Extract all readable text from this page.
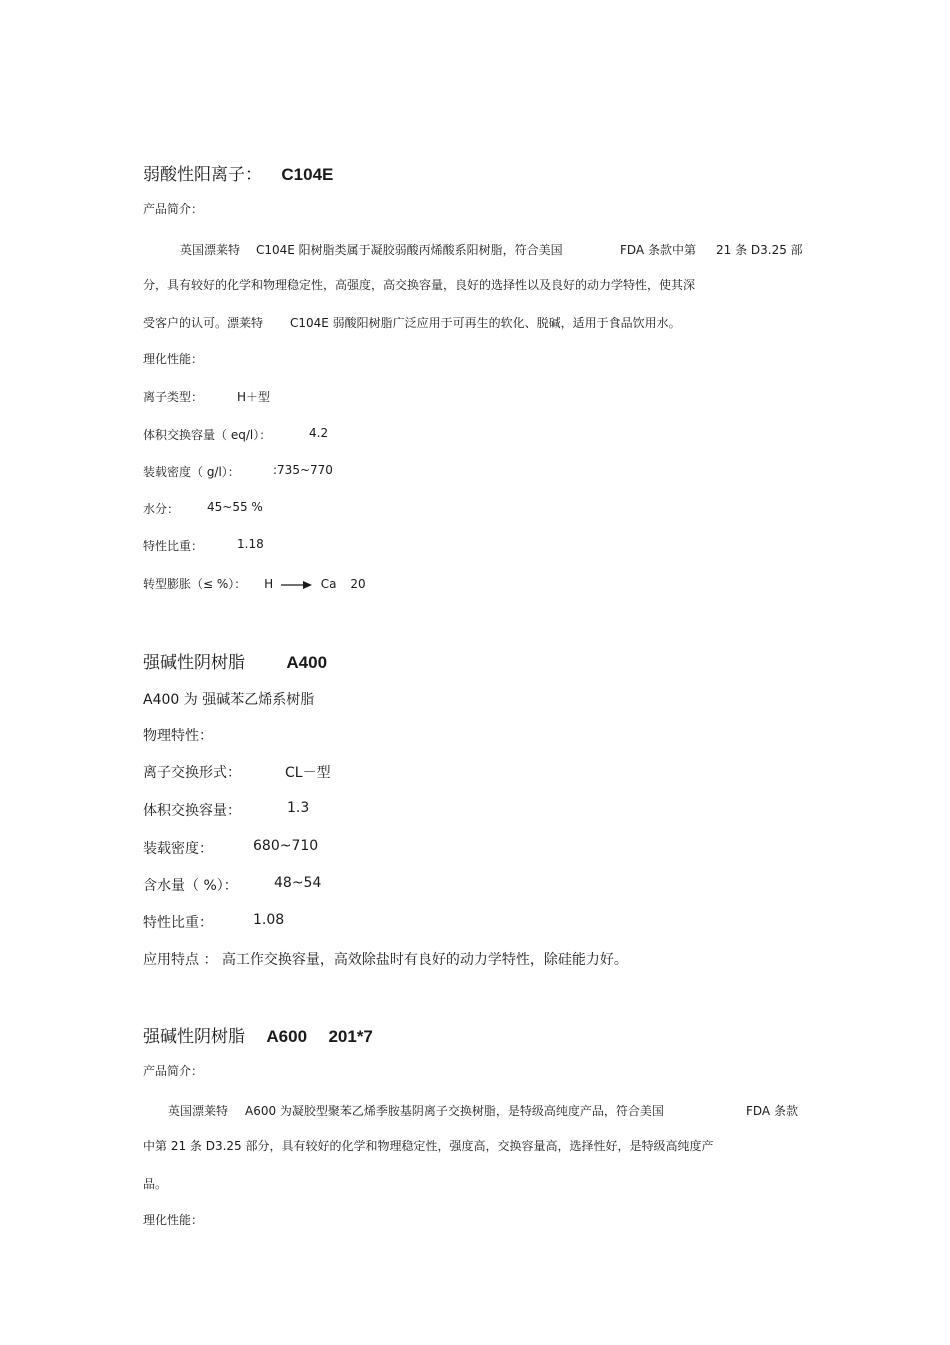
弱酸性阳离子： C104E
产品简介：
英国漂莱特 C104E 阳树脂类属于凝胶弱酸丙烯酸系阳树脂，符合美国	FDA 条款中第 21 条 D3.25 部
分，具有较好的化学和物理稳定性，高强度，高交换容量，良好的选择性以及良好的动力学特性，使其深
受客户的认可。漂莱特 C104E 弱酸阳树脂广泛应用于可再生的软化、脱碱，适用于食品饮用水。
理化性能：
离子类型：	H＋型
体积交换容量（ eq/l）：	4.2
装载密度（ g/l）：	:735~770
水分： 45~55 %
特性比重：	1.18
转型膨胀（≤ %）： H	Ca 20
强碱性阴树脂 A400
A400 为 强碱苯乙烯系树脂
物理特性：
离子交换形式：	CL－型
体积交换容量：	1.3
装载密度：	680~710
含水量（ %）：	48~54
特性比重：	1.08
应用特点 ： 高工作交换容量，高效除盐时有良好的动力学特性，除硅能力好。
强碱性阴树脂 A600 201*7
产品简介：
英国漂莱特 A600 为凝胶型聚苯乙烯季胺基阴离子交换树脂，是特级高纯度产品，符合美国	FDA 条款
中第 21 条 D3.25 部分，具有较好的化学和物理稳定性，强度高，交换容量高，选择性好，是特级高纯度产
品。
理化性能：
